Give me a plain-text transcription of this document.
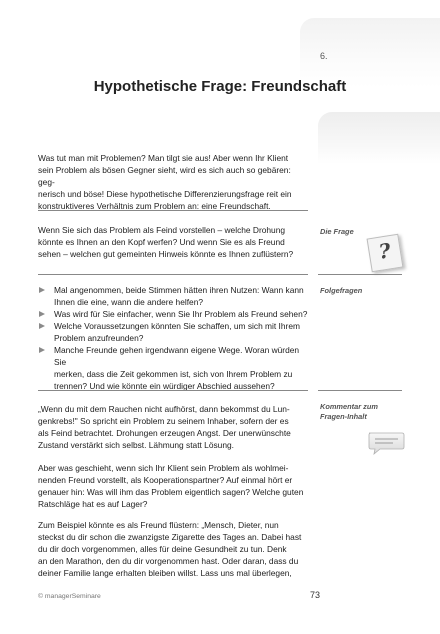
6.
Hypothetische Frage: Freundschaft

Was tut man mit Problemen? Man tilgt sie aus! Aber wenn Ihr Klient
sein Problem als bösen Gegner sieht, wird es sich auch so gebären: geg-
nerisch und böse! Diese hypothetische Differenzierungsfrage reit ein
konstruktiveres Verhältnis zum Problem an: eine Freundschaft.

Die Frage

Wenn Sie sich das Problem als Feind vorstellen – welche Drohung
könnte es Ihnen an den Kopf werfen? Und wenn Sie es als Freund
sehen – welchen gut gemeinten Hinweis könnte es Ihnen zuflüstern?	?
Folgefragen
Mal angenommen, beide Stimmen hätten ihren Nutzen: Wann kann
Ihnen die eine, wann die andere helfen?
Was wird für Sie einfacher, wenn Sie Ihr Problem als Freund sehen?
Welche Voraussetzungen könnten Sie schaffen, um sich mit Ihrem
Problem anzufreunden?
Manche Freunde gehen irgendwann eigene Wege. Woran würden Sie
merken, dass die Zeit gekommen ist, sich von Ihrem Problem zu
trennen? Und wie könnte ein würdiger Abschied aussehen?
Kommentar zum
Fragen-Inhalt

„Wenn du mit dem Rauchen nicht aufhörst, dann bekommst du Lun-
genkrebs!" So spricht ein Problem zu seinem Inhaber, sofern der es
als Feind betrachtet. Drohungen erzeugen Angst. Der unerwünschte
Zustand verstärkt sich selbst. Lähmung statt Lösung.

Aber was geschieht, wenn sich Ihr Klient sein Problem als wohlmei-
nenden Freund vorstellt, als Kooperationspartner? Auf einmal hört er
genauer hin: Was will ihm das Problem eigentlich sagen? Welche guten
Ratschläge hat es auf Lager?

Zum Beispiel könnte es als Freund flüstern: „Mensch, Dieter, nun
steckst du dir schon die zwanzigste Zigarette des Tages an. Dabei hast
du dir doch vorgenommen, alles für deine Gesundheit zu tun. Denk
an den Marathon, den du dir vorgenommen hast. Oder daran, dass du
deiner Familie lange erhalten bleiben willst. Lass uns mal überlegen,

© managerSeminare	73
